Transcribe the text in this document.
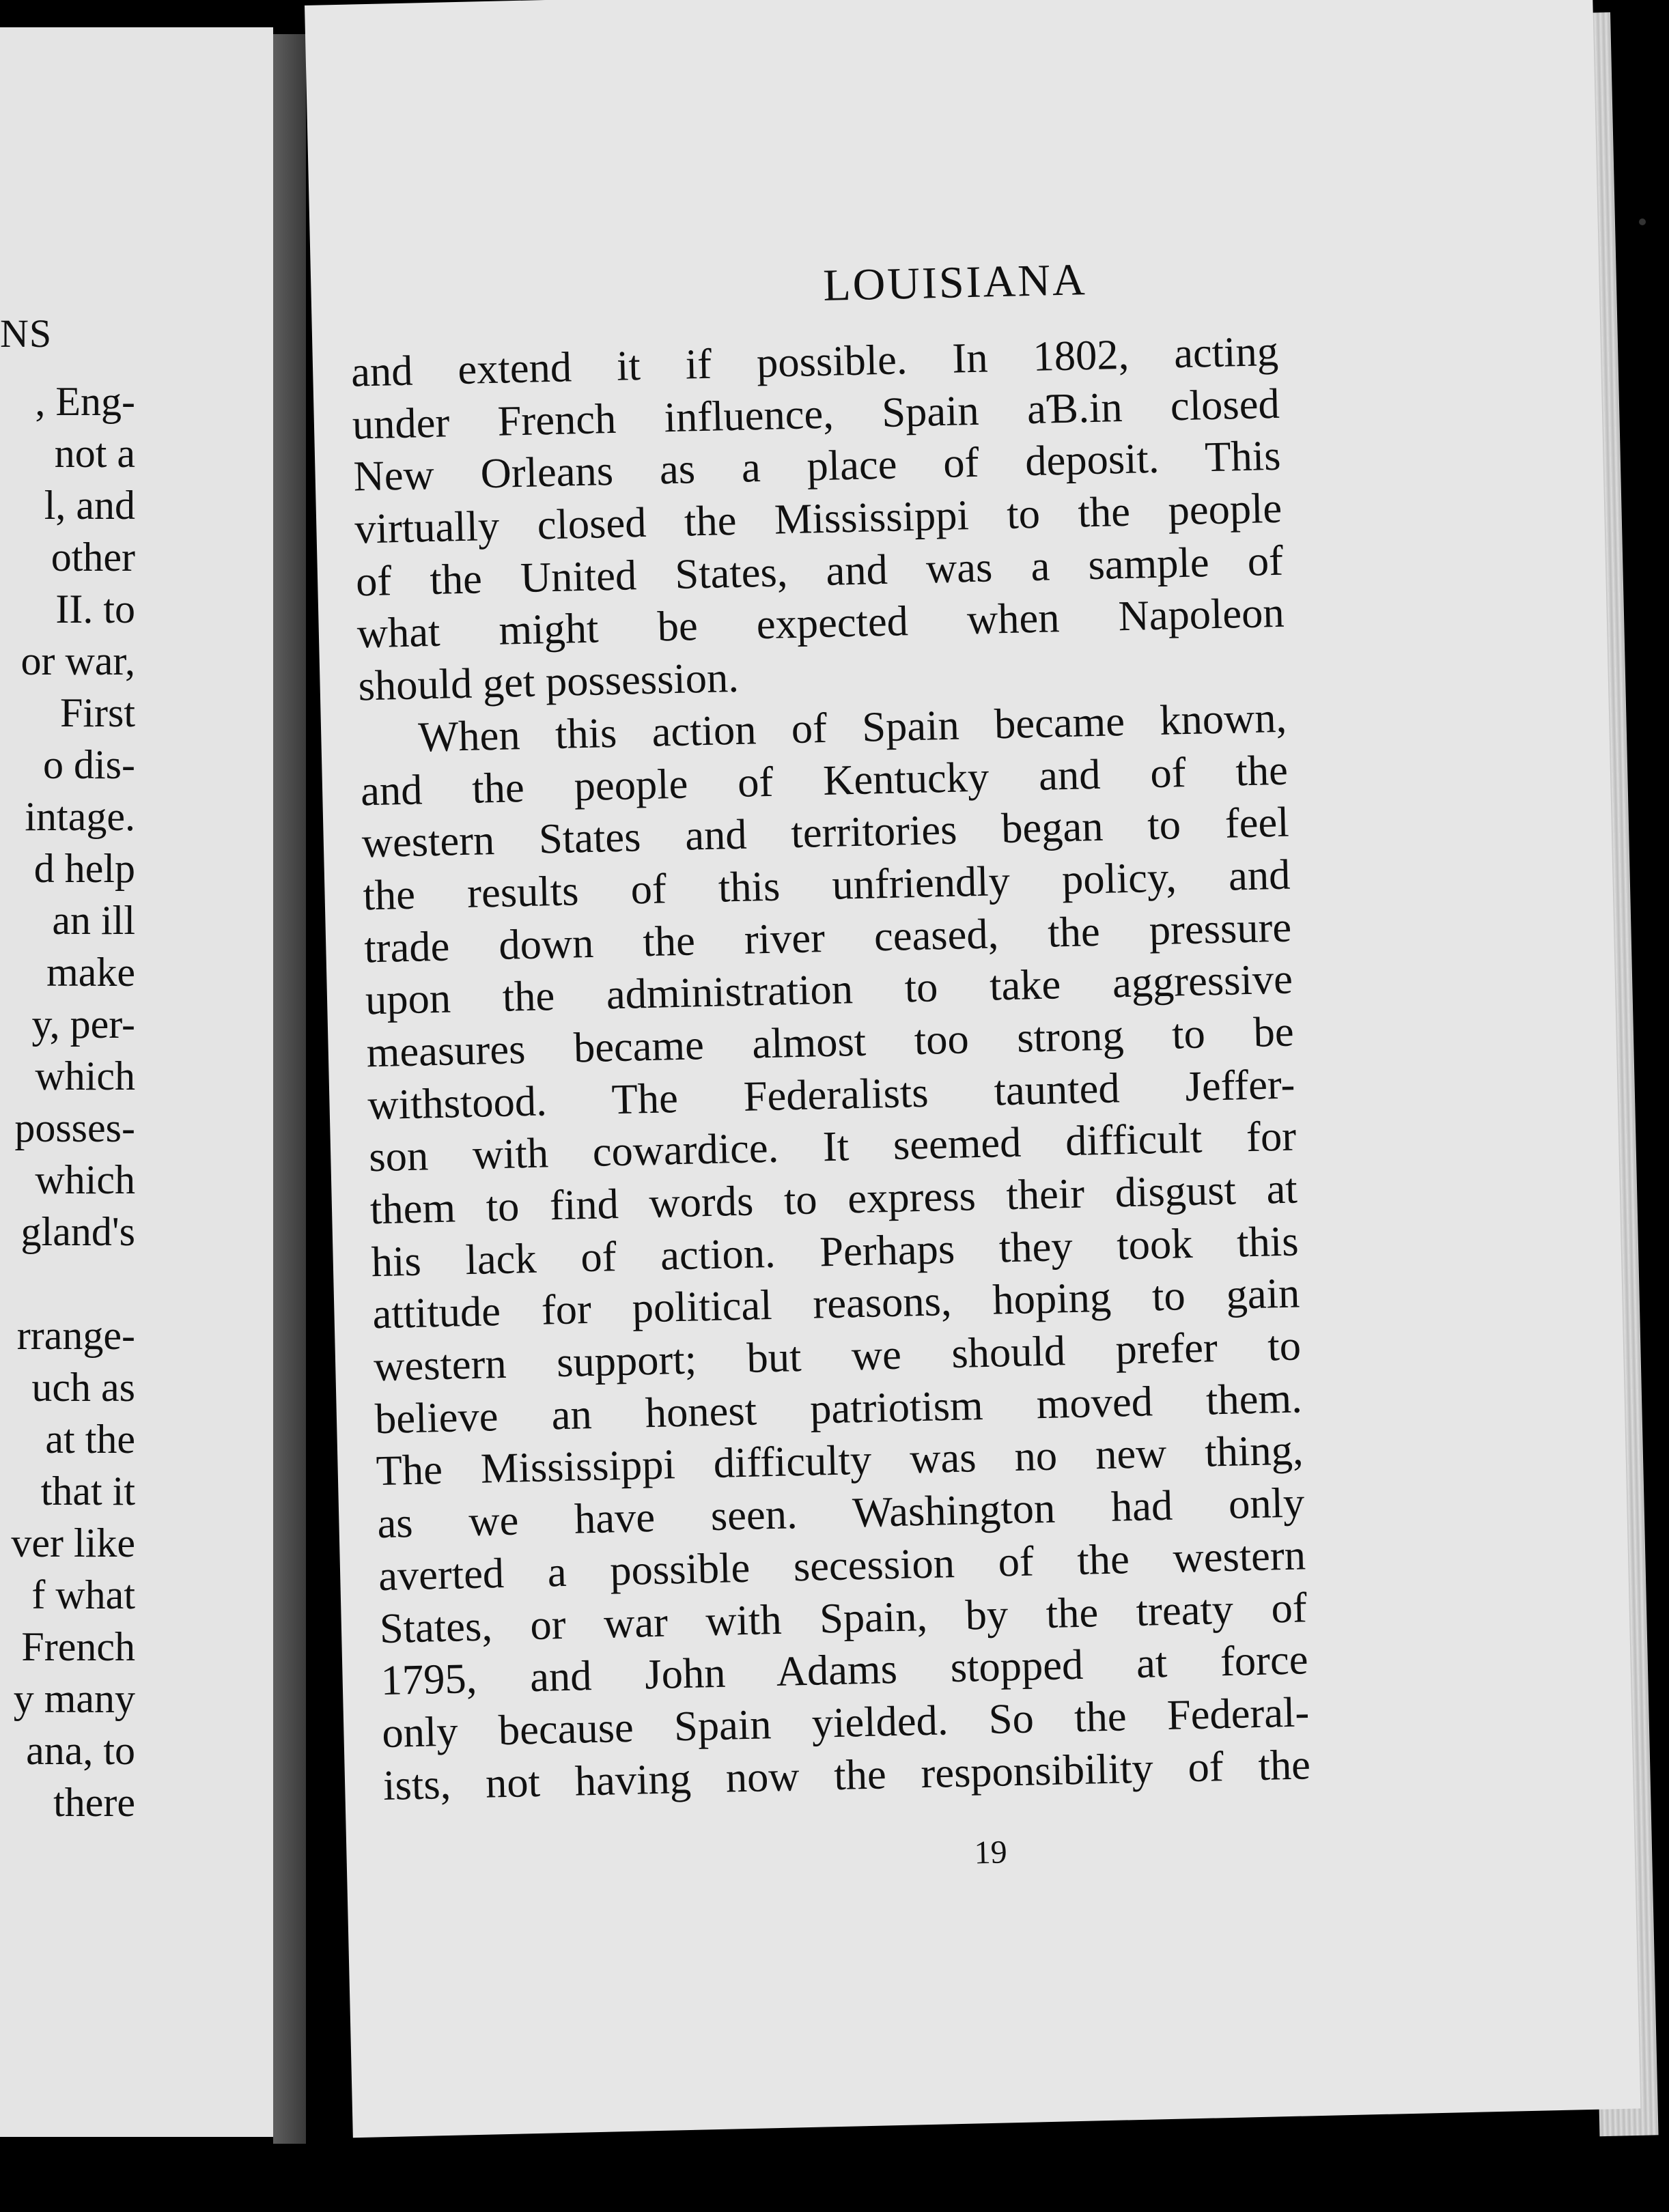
NS
, Eng-
not a
l, and
other
II. to
or war,
First
o dis-
intage.
d help
an ill
make
y, per-
which
posses-
which
gland's
rrange-
uch as
at the
that it
ver like
f what
French
y many
ana, to
there
LOUISIANA
and extend it if possible. In 1802, acting
under French influence, Spain aƁ.in closed
New Orleans as a place of deposit. This
virtually closed the Mississippi to the people
of the United States, and was a sample of
what might be expected when Napoleon
should get possession.
When this action of Spain became known,
and the people of Kentucky and of the
western States and territories began to feel
the results of this unfriendly policy, and
trade down the river ceased, the pressure
upon the administration to take aggressive
measures became almost too strong to be
withstood. The Federalists taunted Jeffer-
son with cowardice. It seemed difficult for
them to find words to express their disgust at
his lack of action. Perhaps they took this
attitude for political reasons, hoping to gain
western support; but we should prefer to
believe an honest patriotism moved them.
The Mississippi difficulty was no new thing,
as we have seen. Washington had only
averted a possible secession of the western
States, or war with Spain, by the treaty of
1795, and John Adams stopped at force
only because Spain yielded. So the Federal-
ists, not having now the responsibility of the
19
